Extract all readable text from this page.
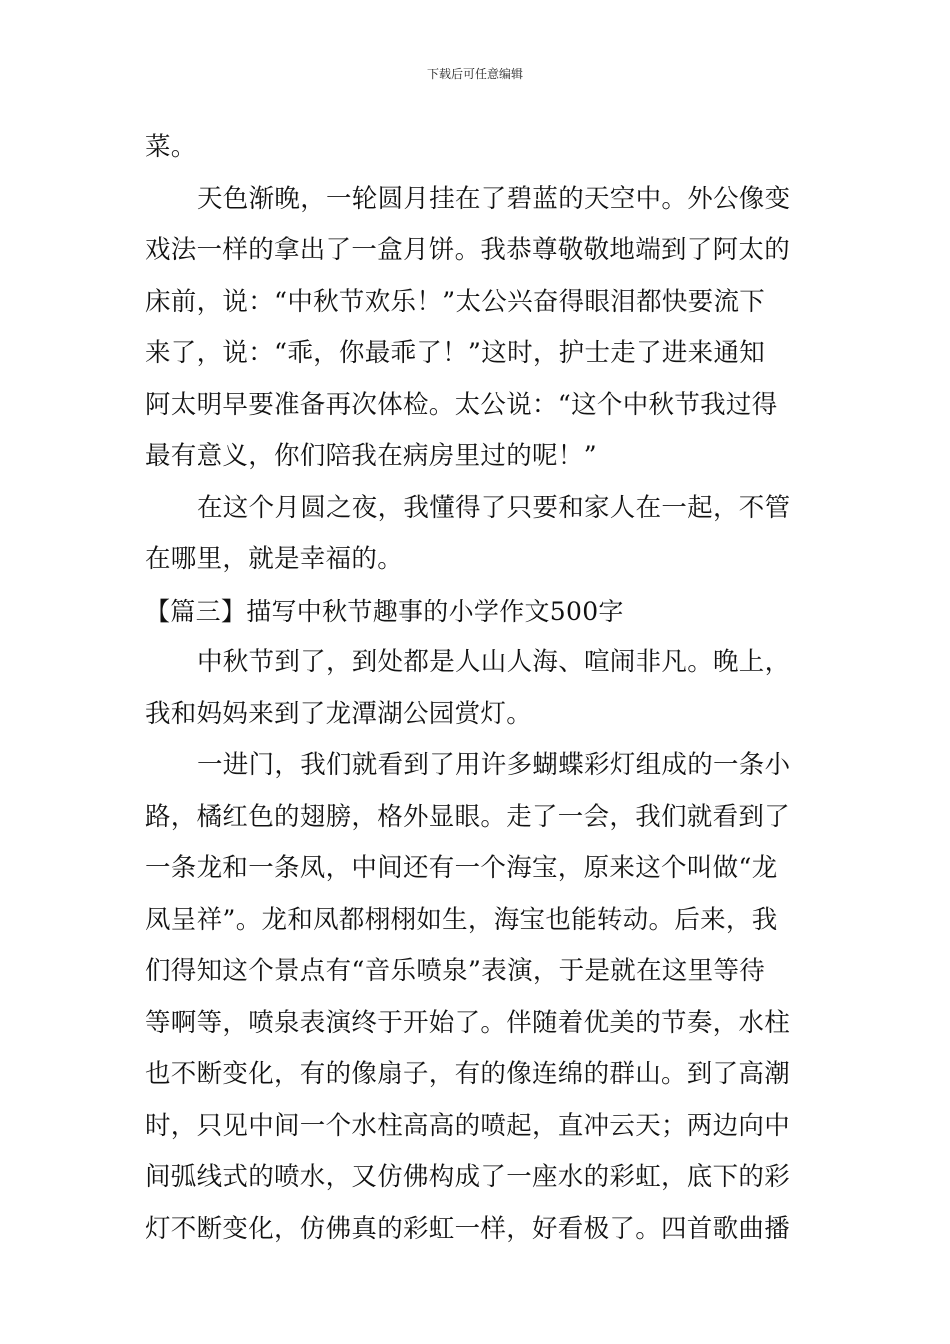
下载后可任意编辑
菜。
天色渐晚，一轮圆月挂在了碧蓝的天空中。外公像变
戏法一样的拿出了一盒月饼。我恭尊敬敬地端到了阿太的
床前，说：“中秋节欢乐！”太公兴奋得眼泪都快要流下
来了，说：“乖，你最乖了！”这时，护士走了进来通知
阿太明早要准备再次体检。太公说：“这个中秋节我过得
最有意义，你们陪我在病房里过的呢！”
在这个月圆之夜，我懂得了只要和家人在一起，不管
在哪里，就是幸福的。
【篇三】描写中秋节趣事的小学作文500字
中秋节到了，到处都是人山人海、喧闹非凡。晚上，
我和妈妈来到了龙潭湖公园赏灯。
一进门，我们就看到了用许多蝴蝶彩灯组成的一条小
路，橘红色的翅膀，格外显眼。走了一会，我们就看到了
一条龙和一条凤，中间还有一个海宝，原来这个叫做“龙
凤呈祥”。龙和凤都栩栩如生，海宝也能转动。后来，我
们得知这个景点有“音乐喷泉”表演，于是就在这里等待
等啊等，喷泉表演终于开始了。伴随着优美的节奏，水柱
也不断变化，有的像扇子，有的像连绵的群山。到了高潮
时，只见中间一个水柱高高的喷起，直冲云天；两边向中
间弧线式的喷水，又仿佛构成了一座水的彩虹，底下的彩
灯不断变化，仿佛真的彩虹一样，好看极了。四首歌曲播
